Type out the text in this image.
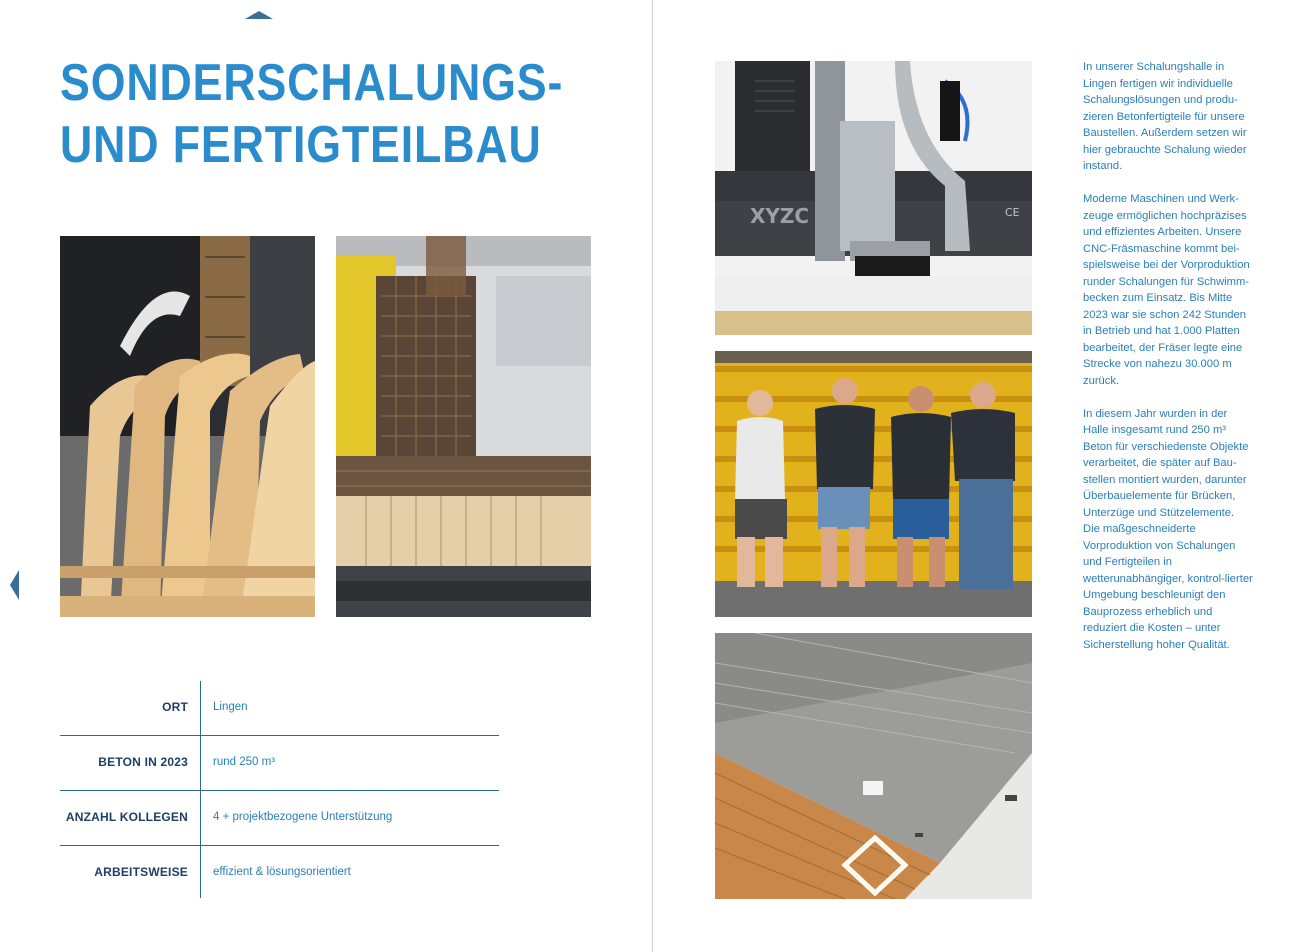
SONDERSCHALUNGS-
UND FERTIGTEILBAU
XYZC	CE
ORT Lingen
BETON IN 2023 rund 250 m³
ANZAHL KOLLEGEN 4 + projektbezogene Unterstützung
ARBEITSWEISE effizient & lösungsorientiert

In unserer Schalungshalle in Lingen fertigen wir individuelle Schalungslösungen und produ-zieren Betonfertigteile für unsere Baustellen. Außerdem setzen wir hier gebrauchte Schalung wieder instand.

Moderne Maschinen und Werk-zeuge ermöglichen hochpräzises und effizientes Arbeiten. Unsere CNC-Fräsmaschine kommt bei-spielsweise bei der Vorproduktion runder Schalungen für Schwimm-becken zum Einsatz. Bis Mitte 2023 war sie schon 242 Stunden in Betrieb und hat 1.000 Platten bearbeitet, der Fräser legte eine Strecke von nahezu 30.000 m zurück.

In diesem Jahr wurden in der Halle insgesamt rund 250 m³ Beton für verschiedenste Objekte verarbeitet, die später auf Bau-stellen montiert wurden, darunter Überbauelemente für Brücken, Unterzüge und Stützelemente. Die maßgeschneiderte Vorproduktion von Schalungen und Fertigteilen in wetterunabhängiger, kontrol-lierter Umgebung beschleunigt den Bauprozess erheblich und reduziert die Kosten – unter Sicherstellung hoher Qualität.
